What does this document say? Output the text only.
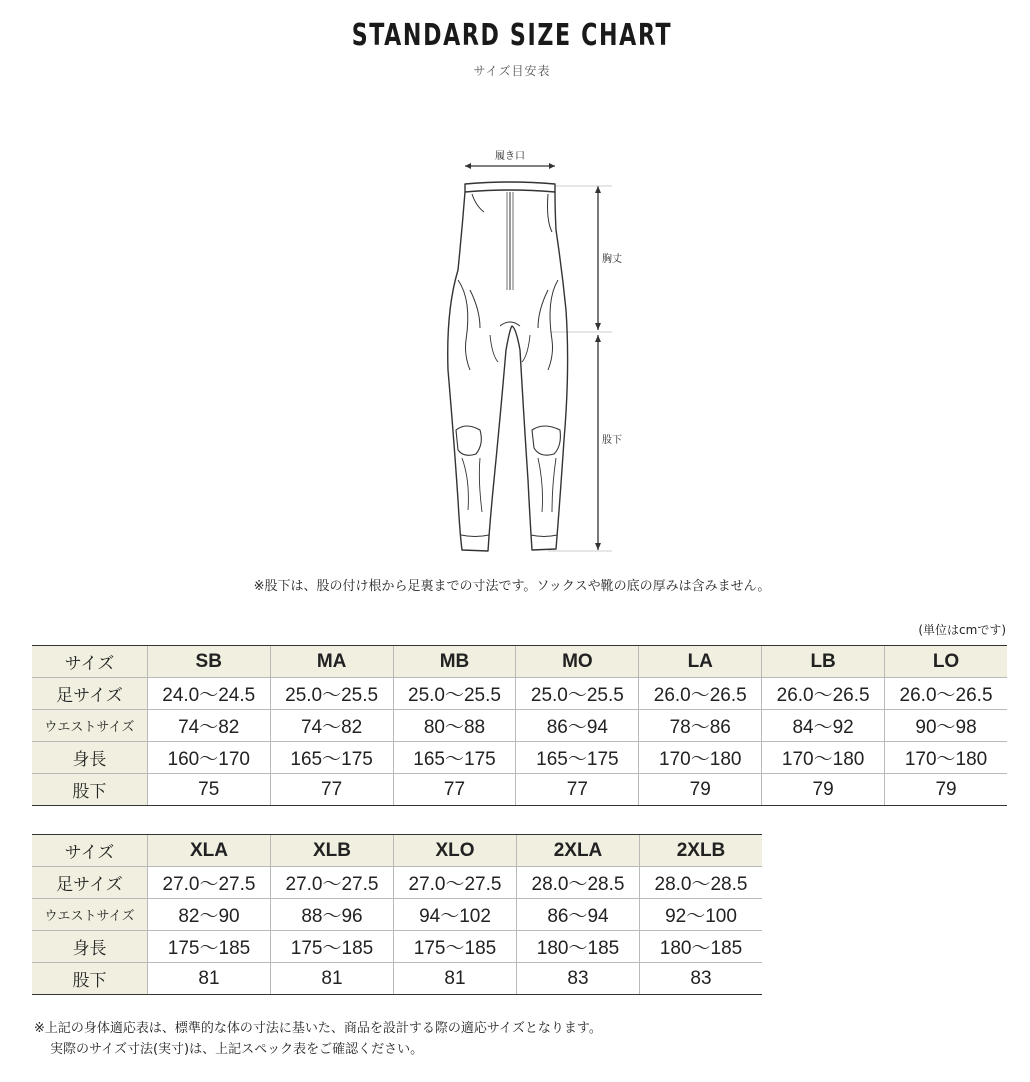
STANDARD SIZE CHART
サイズ目安表
履き口
胸丈
股下
※股下は、股の付け根から足裏までの寸法です。ソックスや靴の底の厚みは含みません。
(単位はcmです)
サイズ	SB	MA	MB	MO	LA	LB	LO
足サイズ	24.0〜24.5	25.0〜25.5	25.0〜25.5	25.0〜25.5	26.0〜26.5	26.0〜26.5	26.0〜26.5
ウエストサイズ	74〜82	74〜82	80〜88	86〜94	78〜86	84〜92	90〜98
身長	160〜170	165〜175	165〜175	165〜175	170〜180	170〜180	170〜180
股下	75	77	77	77	79	79	79
サイズ	XLA	XLB	XLO	2XLA	2XLB
足サイズ	27.0〜27.5	27.0〜27.5	27.0〜27.5	28.0〜28.5	28.0〜28.5
ウエストサイズ	82〜90	88〜96	94〜102	86〜94	92〜100
身長	175〜185	175〜185	175〜185	180〜185	180〜185
股下	81	81	81	83	83
※上記の身体適応表は、標準的な体の寸法に基いた、商品を設計する際の適応サイズとなります。
実際のサイズ寸法(実寸)は、上記スペック表をご確認ください。
